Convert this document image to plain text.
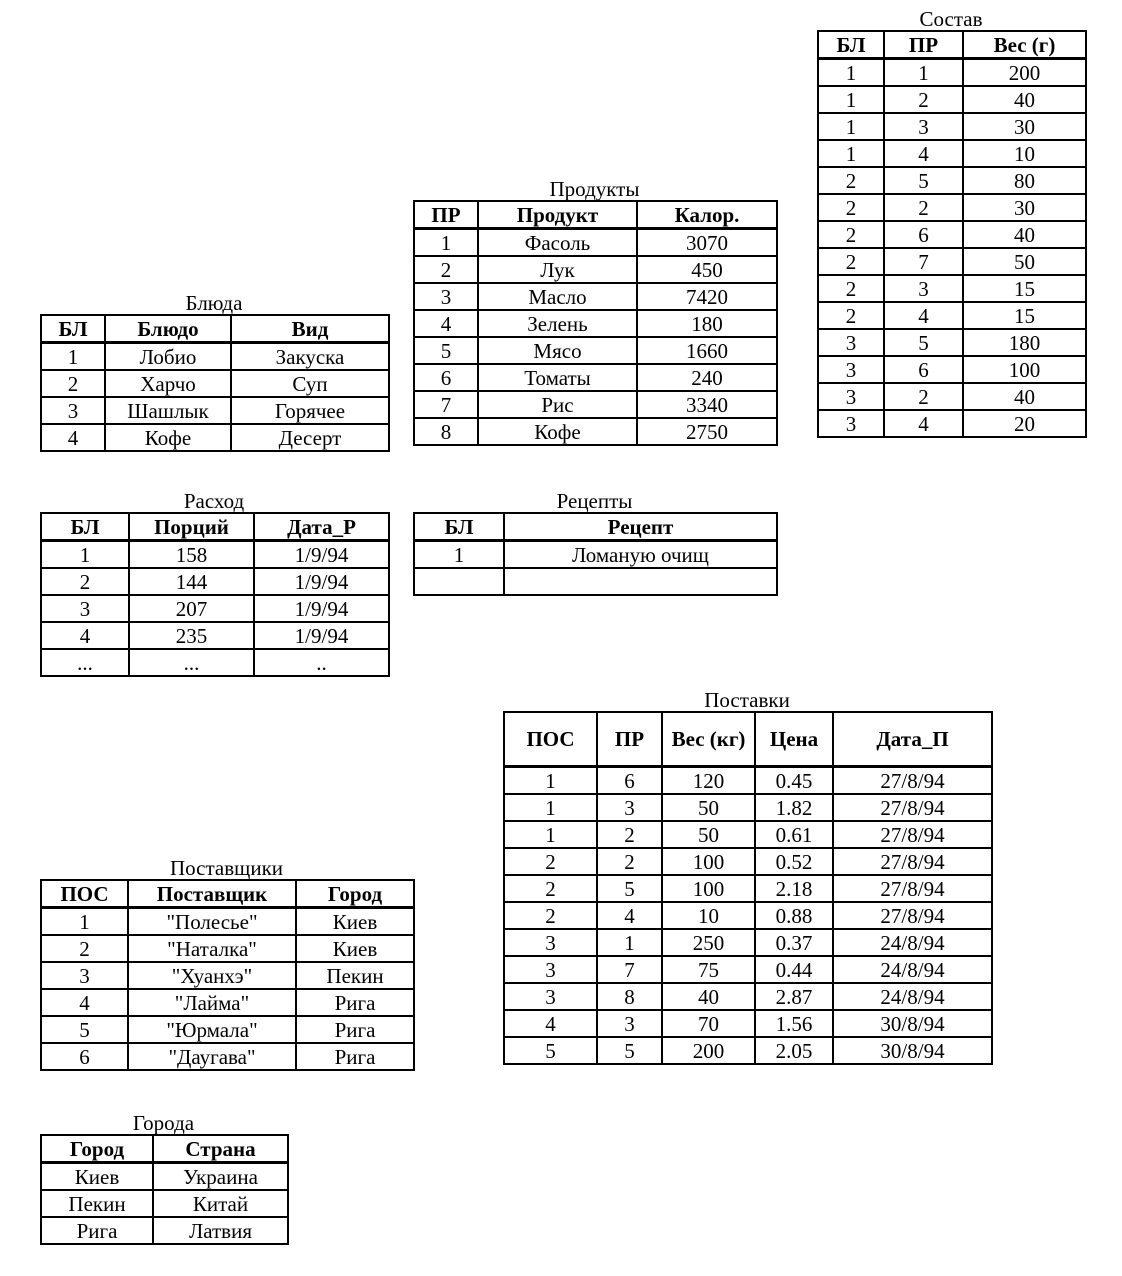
Состав
БЛ	ПР	Вес (г)
1	1	200
1	2	40
1	3	30
1	4	10
2	5	80
2	2	30
2	6	40
2	7	50
2	3	15
2	4	15
3	5	180
3	6	100
3	2	40
3	4	20
Продукты
ПР	Продукт	Калор.
1	Фасоль	3070
2	Лук	450
3	Масло	7420
4	Зелень	180
5	Мясо	1660
6	Томаты	240
7	Рис	3340
8	Кофе	2750
Блюда
БЛ	Блюдо	Вид
1	Лобио	Закуска
2	Харчо	Суп
3	Шашлык	Горячее
4	Кофе	Десерт
Расход
БЛ	Порций	Дата_Р
1	158	1/9/94
2	144	1/9/94
3	207	1/9/94
4	235	1/9/94
...	...	..
Рецепты
БЛ	Рецепт
1	Ломаную очищ

Поставки
ПОС	ПР	Вес (кг)	Цена	Дата_П
1	6	120	0.45	27/8/94
1	3	50	1.82	27/8/94
1	2	50	0.61	27/8/94
2	2	100	0.52	27/8/94
2	5	100	2.18	27/8/94
2	4	10	0.88	27/8/94
3	1	250	0.37	24/8/94
3	7	75	0.44	24/8/94
3	8	40	2.87	24/8/94
4	3	70	1.56	30/8/94
5	5	200	2.05	30/8/94
Поставщики
ПОС	Поставщик	Город
1	"Полесье"	Киев
2	"Наталка"	Киев
3	"Хуанхэ"	Пекин
4	"Лайма"	Рига
5	"Юрмала"	Рига
6	"Даугава"	Рига
Города
Город	Страна
Киев	Украина
Пекин	Китай
Рига	Латвия
